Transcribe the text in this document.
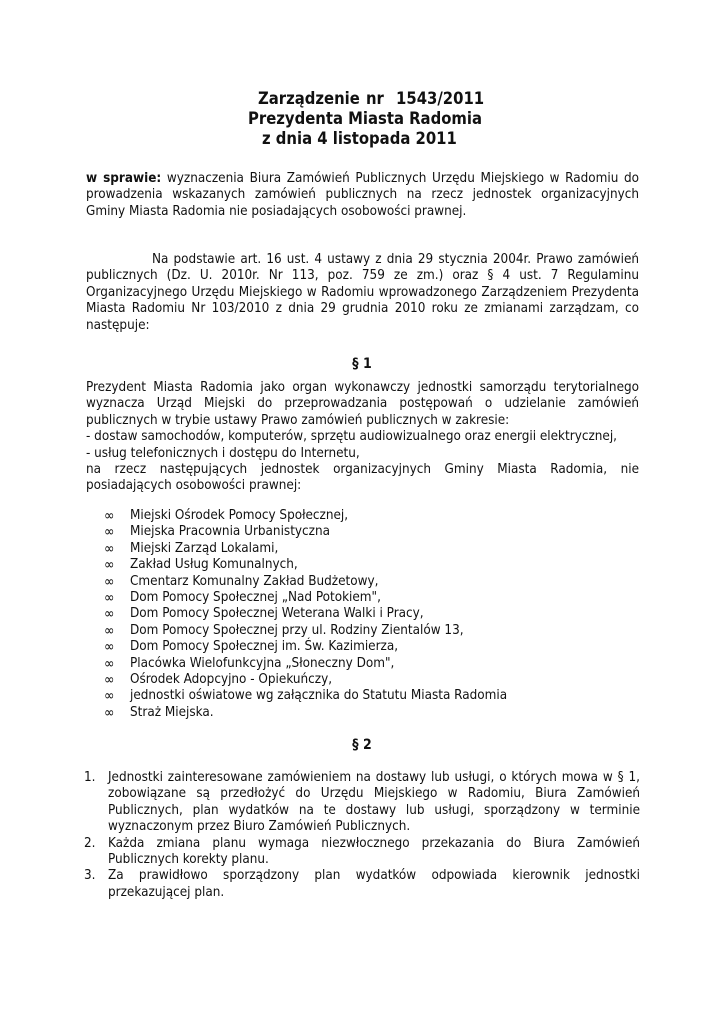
Zarządzenie nr 1543/2011
Prezydenta Miasta Radomia
z dnia 4 listopada 2011
w sprawie: wyznaczenia Biura Zamówień Publicznych Urzędu Miejskiego w Radomiu do prowadzenia wskazanych zamówień publicznych na rzecz jednostek organizacyjnych Gminy Miasta Radomia nie posiadających osobowości prawnej.
Na podstawie art. 16 ust. 4 ustawy z dnia 29 stycznia 2004r. Prawo zamówień publicznych (Dz. U. 2010r. Nr 113, poz. 759 ze zm.) oraz § 4 ust. 7 Regulaminu Organizacyjnego Urzędu Miejskiego w Radomiu wprowadzonego Zarządzeniem Prezydenta Miasta Radomiu Nr 103/2010 z dnia 29 grudnia 2010 roku ze zmianami zarządzam, co następuje:
§ 1
Prezydent Miasta Radomia jako organ wykonawczy jednostki samorządu terytorialnego wyznacza Urząd Miejski do przeprowadzania postępowań o udzielanie zamówień publicznych w trybie ustawy Prawo zamówień publicznych w zakresie:
- dostaw samochodów, komputerów, sprzętu audiowizualnego oraz energii elektrycznej,
- usług telefonicznych i dostępu do Internetu,
na rzecz następujących jednostek organizacyjnych Gminy Miasta Radomia, nie posiadających osobowości prawnej:
∞	Miejski Ośrodek Pomocy Społecznej,
∞	Miejska Pracownia Urbanistyczna
∞	Miejski Zarząd Lokalami,
∞	Zakład Usług Komunalnych,
∞	Cmentarz Komunalny Zakład Budżetowy,
∞	Dom Pomocy Społecznej „Nad Potokiem",
∞	Dom Pomocy Społecznej Weterana Walki i Pracy,
∞	Dom Pomocy Społecznej przy ul. Rodziny Zientalów 13,
∞	Dom Pomocy Społecznej im. Św. Kazimierza,
∞	Placówka Wielofunkcyjna „Słoneczny Dom",
∞	Ośrodek Adopcyjno - Opiekuńczy,
∞	jednostki oświatowe wg załącznika do Statutu Miasta Radomia
∞	Straż Miejska.
§ 2
1. Jednostki zainteresowane zamówieniem na dostawy lub usługi, o których mowa w § 1, zobowiązane są przedłożyć do Urzędu Miejskiego w Radomiu, Biura Zamówień Publicznych, plan wydatków na te dostawy lub usługi, sporządzony w terminie wyznaczonym przez Biuro Zamówień Publicznych.
2. Każda zmiana planu wymaga niezwłocznego przekazania do Biura Zamówień Publicznych korekty planu.
3. Za prawidłowo sporządzony plan wydatków odpowiada kierownik jednostki przekazującej plan.
